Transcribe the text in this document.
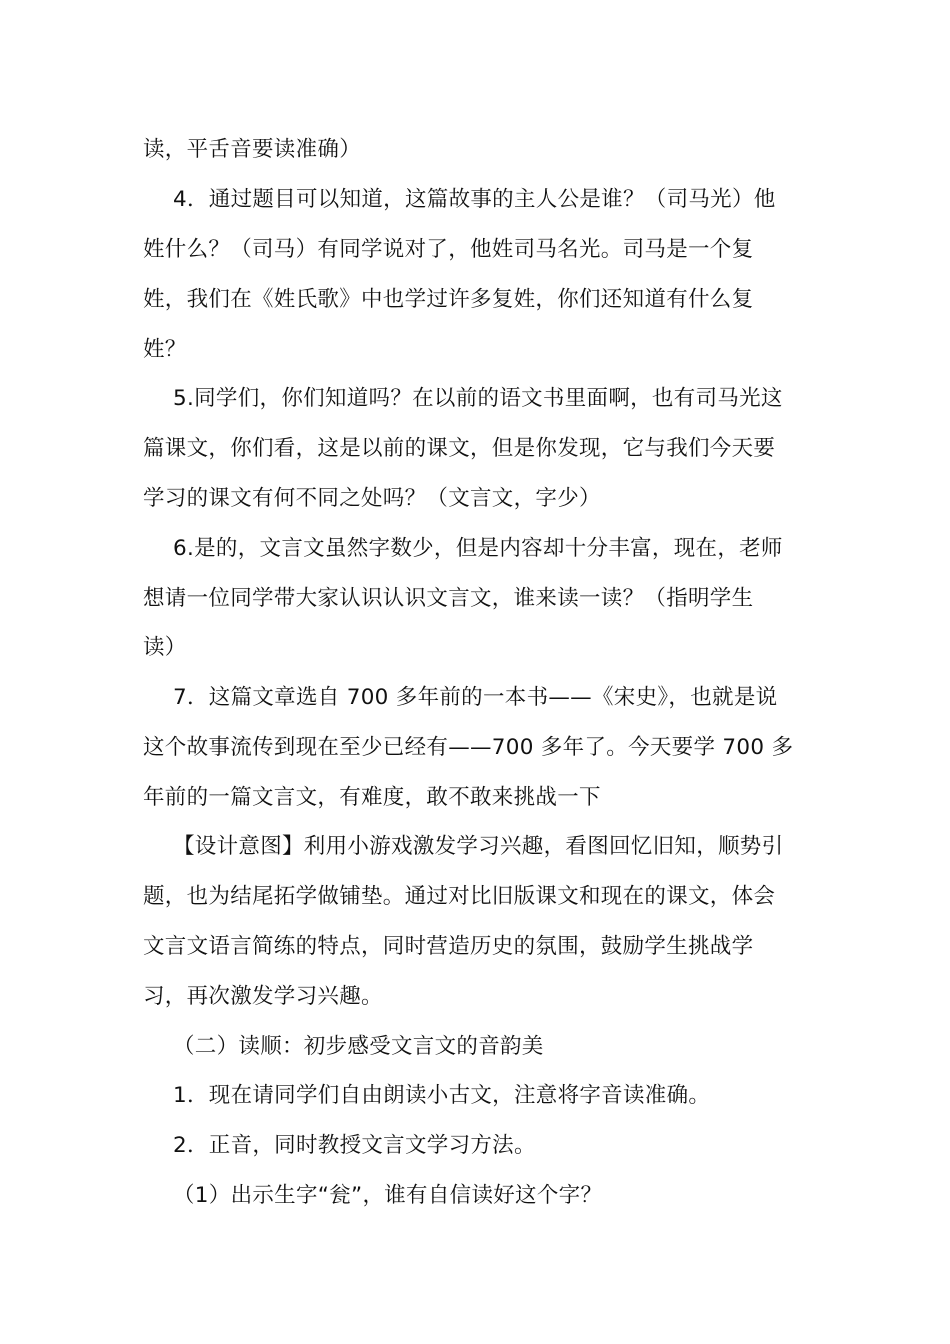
读，平舌音要读准确）
4．通过题目可以知道，这篇故事的主人公是谁？（司马光）他
姓什么？（司马）有同学说对了，他姓司马名光。司马是一个复
姓，我们在《姓氏歌》中也学过许多复姓，你们还知道有什么复
姓？
5.同学们，你们知道吗？在以前的语文书里面啊，也有司马光这
篇课文，你们看，这是以前的课文，但是你发现，它与我们今天要
学习的课文有何不同之处吗？（文言文，字少）
6.是的，文言文虽然字数少，但是内容却十分丰富，现在，老师
想请一位同学带大家认识认识文言文，谁来读一读？（指明学生
读）
7．这篇文章选自 700 多年前的一本书——《宋史》，也就是说
这个故事流传到现在至少已经有——700 多年了。今天要学 700 多
年前的一篇文言文，有难度，敢不敢来挑战一下
【设计意图】利用小游戏激发学习兴趣，看图回忆旧知，顺势引
题，也为结尾拓学做铺垫。通过对比旧版课文和现在的课文，体会
文言文语言简练的特点，同时营造历史的氛围，鼓励学生挑战学
习，再次激发学习兴趣。
（二）读顺：初步感受文言文的音韵美
1．现在请同学们自由朗读小古文，注意将字音读准确。
2．正音，同时教授文言文学习方法。
（1）出示生字“瓮”，谁有自信读好这个字？
